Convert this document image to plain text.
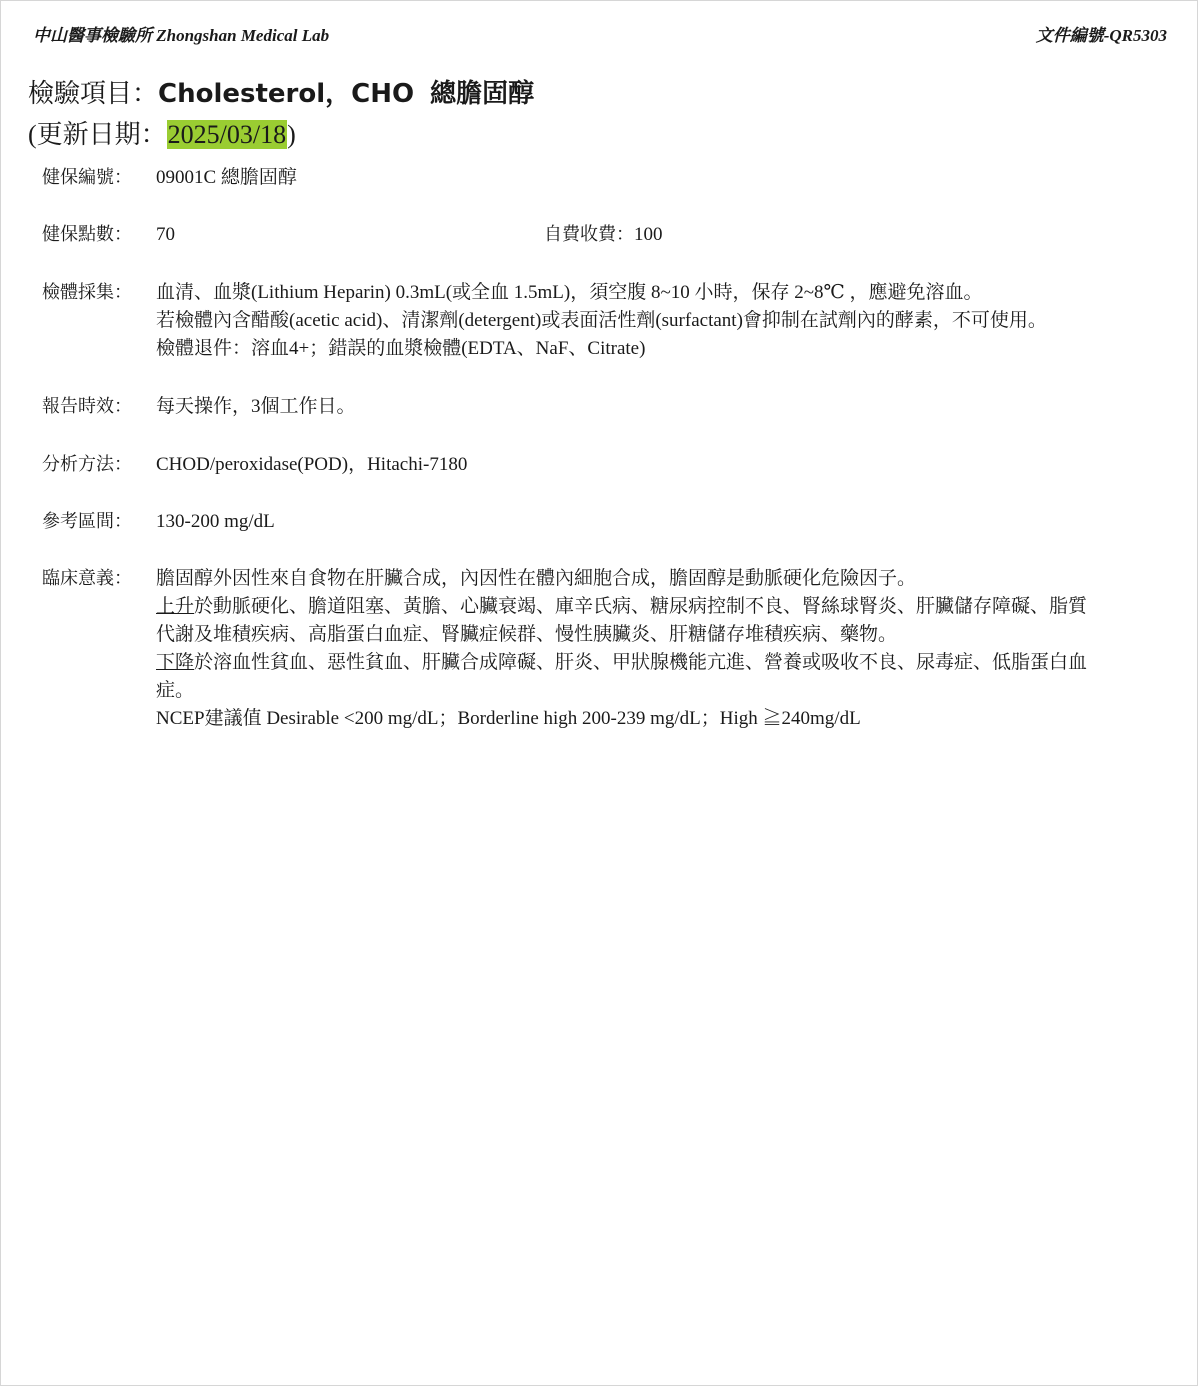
中山醫事檢驗所 Zhongshan Medical Lab	文件編號-QR5303
檢驗項目：Cholesterol，CHO 總膽固醇
(更新日期：2025/03/18)
健保編號：	09001C 總膽固醇
健保點數：	70	自費收費：100
檢體採集：	血清、血漿(Lithium Heparin) 0.3mL(或全血 1.5mL)，須空腹 8~10 小時，保存 2~8℃ ，應避免溶血。
若檢體內含醋酸(acetic acid)、清潔劑(detergent)或表面活性劑(surfactant)會抑制在試劑內的酵素，不可使用。
檢體退件：溶血4+；錯誤的血漿檢體(EDTA、NaF、Citrate)
報告時效：	每天操作，3個工作日。
分析方法：	CHOD/peroxidase(POD)，Hitachi-7180
參考區間：	130-200 mg/dL
臨床意義：	膽固醇外因性來自食物在肝臟合成，內因性在體內細胞合成，膽固醇是動脈硬化危險因子。
上升於動脈硬化、膽道阻塞、黃膽、心臟衰竭、庫辛氏病、糖尿病控制不良、腎絲球腎炎、肝臟儲存障礙、脂質
代謝及堆積疾病、高脂蛋白血症、腎臟症候群、慢性胰臟炎、肝糖儲存堆積疾病、藥物。
下降於溶血性貧血、惡性貧血、肝臟合成障礙、肝炎、甲狀腺機能亢進、營養或吸收不良、尿毒症、低脂蛋白血
症。
NCEP建議值 Desirable <200 mg/dL；Borderline high 200-239 mg/dL；High ≧240mg/dL
